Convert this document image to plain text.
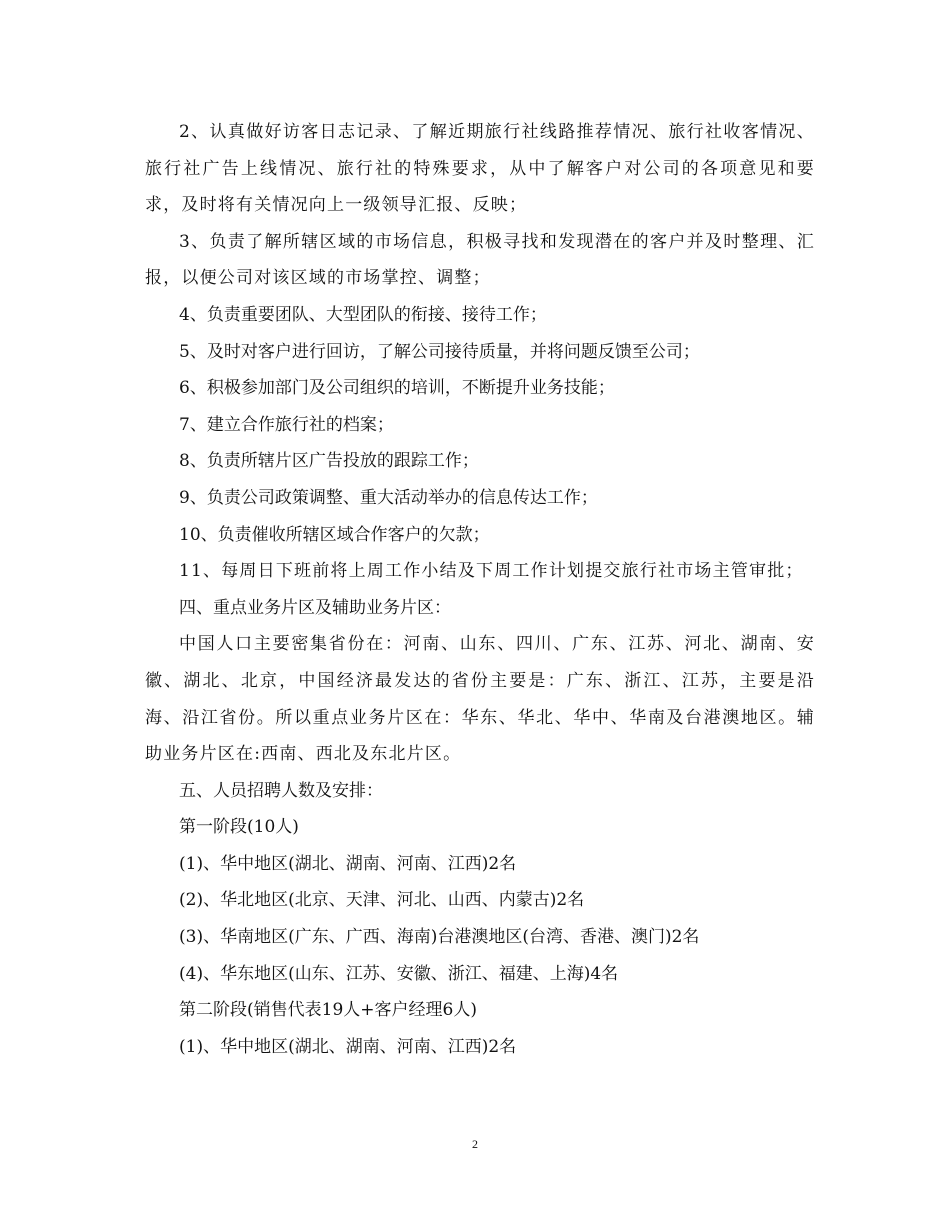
2、认真做好访客日志记录、了解近期旅行社线路推荐情况、旅行社收客情况、旅行社广告上线情况、旅行社的特殊要求，从中了解客户对公司的各项意见和要求，及时将有关情况向上一级领导汇报、反映；

3、负责了解所辖区域的市场信息，积极寻找和发现潜在的客户并及时整理、汇报，以便公司对该区域的市场掌控、调整；

4、负责重要团队、大型团队的衔接、接待工作；

5、及时对客户进行回访，了解公司接待质量，并将问题反馈至公司；

6、积极参加部门及公司组织的培训，不断提升业务技能；

7、建立合作旅行社的档案；

8、负责所辖片区广告投放的跟踪工作；

9、负责公司政策调整、重大活动举办的信息传达工作；

10、负责催收所辖区域合作客户的欠款；

11、每周日下班前将上周工作小结及下周工作计划提交旅行社市场主管审批；

四、重点业务片区及辅助业务片区：

中国人口主要密集省份在：河南、山东、四川、广东、江苏、河北、湖南、安徽、湖北、北京，中国经济最发达的省份主要是：广东、浙江、江苏，主要是沿海、沿江省份。所以重点业务片区在：华东、华北、华中、华南及台港澳地区。辅助业务片区在:西南、西北及东北片区。

五、人员招聘人数及安排：

第一阶段(10人)

(1)、华中地区(湖北、湖南、河南、江西)2名

(2)、华北地区(北京、天津、河北、山西、内蒙古)2名

(3)、华南地区(广东、广西、海南)台港澳地区(台湾、香港、澳门)2名

(4)、华东地区(山东、江苏、安徽、浙江、福建、上海)4名

第二阶段(销售代表19人+客户经理6人)

(1)、华中地区(湖北、湖南、河南、江西)2名

2
